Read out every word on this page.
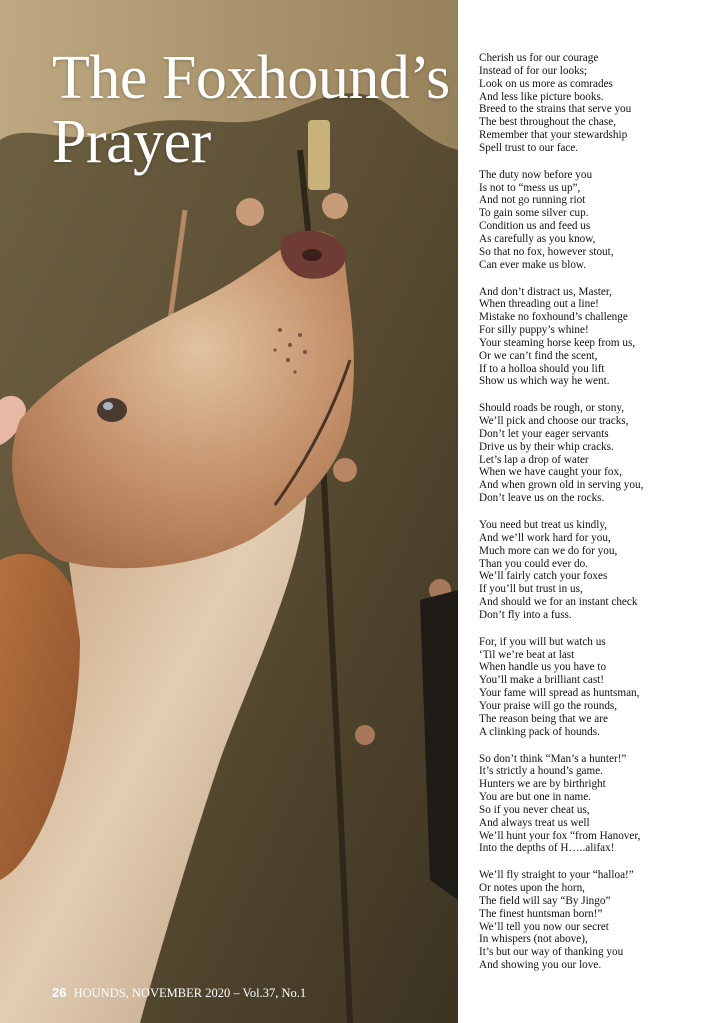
The Foxhound’s
Prayer
26 HOUNDS, NOVEMBER 2020 – Vol.37, No.1
Cherish us for our courage
Instead of for our looks;
Look on us more as comrades
And less like picture books.
Breed to the strains that serve you
The best throughout the chase,
Remember that your stewardship
Spell trust to our face.
The duty now before you
Is not to “mess us up”,
And not go running riot
To gain some silver cup.
Condition us and feed us
As carefully as you know,
So that no fox, however stout,
Can ever make us blow.
And don’t distract us, Master,
When threading out a line!
Mistake no foxhound’s challenge
For silly puppy’s whine!
Your steaming horse keep from us,
Or we can’t find the scent,
If to a holloa should you lift
Show us which way he went.
Should roads be rough, or stony,
We’ll pick and choose our tracks,
Don’t let your eager servants
Drive us by their whip cracks.
Let’s lap a drop of water
When we have caught your fox,
And when grown old in serving you,
Don’t leave us on the rocks.
You need but treat us kindly,
And we’ll work hard for you,
Much more can we do for you,
Than you could ever do.
We’ll fairly catch your foxes
If you’ll but trust in us,
And should we for an instant check
Don’t fly into a fuss.
For, if you will but watch us
‘Til we’re beat at last
When handle us you have to
You’ll make a brilliant cast!
Your fame will spread as huntsman,
Your praise will go the rounds,
The reason being that we are
A clinking pack of hounds.
So don’t think “Man’s a hunter!”
It’s strictly a hound’s game.
Hunters we are by birthright
You are but one in name.
So if you never cheat us,
And always treat us well
We’ll hunt your fox “from Hanover,
Into the depths of H…..alifax!
We’ll fly straight to your “halloa!”
Or notes upon the horn,
The field will say “By Jingo”
The finest huntsman born!”
We’ll tell you now our secret
In whispers (not above),
It’s but our way of thanking you
And showing you our love.
